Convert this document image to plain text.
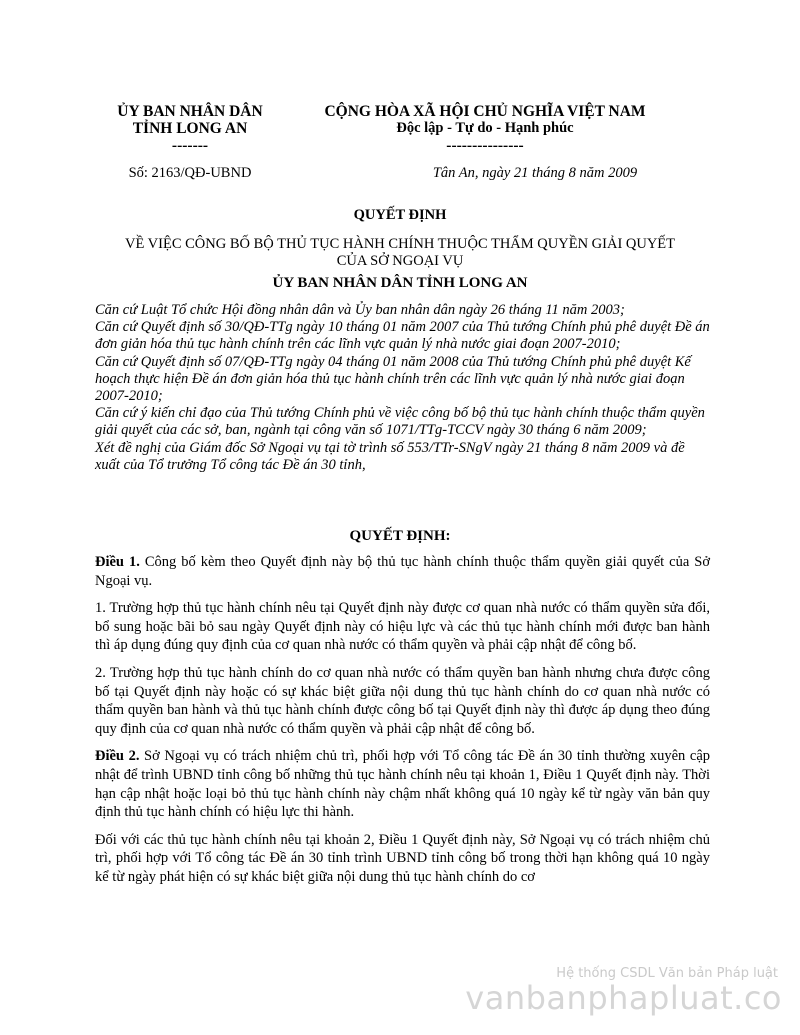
ỦY BAN NHÂN DÂN
TỈNH LONG AN
-------
CỘNG HÒA XÃ HỘI CHỦ NGHĨA VIỆT NAM
Độc lập - Tự do - Hạnh phúc
---------------
Số: 2163/QĐ-UBND	Tân An, ngày 21 tháng 8 năm 2009
QUYẾT ĐỊNH
VỀ VIỆC CÔNG BỐ BỘ THỦ TỤC HÀNH CHÍNH THUỘC THẨM QUYỀN GIẢI QUYẾT
CỦA SỞ NGOẠI VỤ
ỦY BAN NHÂN DÂN TỈNH LONG AN

Căn cứ Luật Tổ chức Hội đồng nhân dân và Ủy ban nhân dân ngày 26 tháng 11 năm 2003;

Căn cứ Quyết định số 30/QĐ-TTg ngày 10 tháng 01 năm 2007 của Thủ tướng Chính phủ phê duyệt Đề án đơn giản hóa thủ tục hành chính trên các lĩnh vực quản lý nhà nước giai đoạn 2007-2010;

Căn cứ Quyết định số 07/QĐ-TTg ngày 04 tháng 01 năm 2008 của Thủ tướng Chính phủ phê duyệt Kế hoạch thực hiện Đề án đơn giản hóa thủ tục hành chính trên các lĩnh vực quản lý nhà nước giai đoạn 2007-2010;

Căn cứ ý kiến chỉ đạo của Thủ tướng Chính phủ về việc công bố bộ thủ tục hành chính thuộc thẩm quyền giải quyết của các sở, ban, ngành tại công văn số 1071/TTg-TCCV ngày 30 tháng 6 năm 2009;

Xét đề nghị của Giám đốc Sở Ngoại vụ tại tờ trình số 553/TTr-SNgV ngày 21 tháng 8 năm 2009 và đề xuất của Tổ trưởng Tổ công tác Đề án 30 tỉnh,

QUYẾT ĐỊNH:

Điều 1. Công bố kèm theo Quyết định này bộ thủ tục hành chính thuộc thẩm quyền giải quyết của Sở Ngoại vụ.

1. Trường hợp thủ tục hành chính nêu tại Quyết định này được cơ quan nhà nước có thẩm quyền sửa đổi, bổ sung hoặc bãi bỏ sau ngày Quyết định này có hiệu lực và các thủ tục hành chính mới được ban hành thì áp dụng đúng quy định của cơ quan nhà nước có thẩm quyền và phải cập nhật để công bố.

2. Trường hợp thủ tục hành chính do cơ quan nhà nước có thẩm quyền ban hành nhưng chưa được công bố tại Quyết định này hoặc có sự khác biệt giữa nội dung thủ tục hành chính do cơ quan nhà nước có thẩm quyền ban hành và thủ tục hành chính được công bố tại Quyết định này thì được áp dụng theo đúng quy định của cơ quan nhà nước có thẩm quyền và phải cập nhật để công bố.

Điều 2. Sở Ngoại vụ có trách nhiệm chủ trì, phối hợp với Tổ công tác Đề án 30 tỉnh thường xuyên cập nhật để trình UBND tỉnh công bố những thủ tục hành chính nêu tại khoản 1, Điều 1 Quyết định này. Thời hạn cập nhật hoặc loại bỏ thủ tục hành chính này chậm nhất không quá 10 ngày kể từ ngày văn bản quy định thủ tục hành chính có hiệu lực thi hành.

Đối với các thủ tục hành chính nêu tại khoản 2, Điều 1 Quyết định này, Sở Ngoại vụ có trách nhiệm chủ trì, phối hợp với Tổ công tác Đề án 30 tỉnh trình UBND tỉnh công bố trong thời hạn không quá 10 ngày kể từ ngày phát hiện có sự khác biệt giữa nội dung thủ tục hành chính do cơ

Hệ thống CSDL Văn bản Pháp luật
vanbanphapluat.co
